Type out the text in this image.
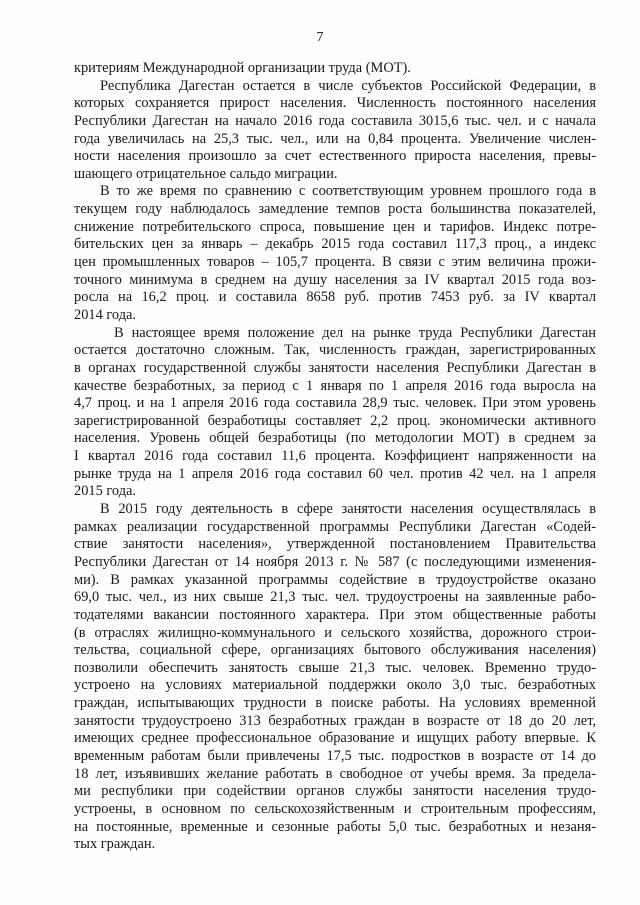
7
критериям Международной организации труда (МОТ).
Республика Дагестан остается в числе субъектов Российской Федерации, в
которых сохраняется прирост населения. Численность постоянного населения
Республики Дагестан на начало 2016 года составила 3015,6 тыс. чел. и с начала
года увеличилась на 25,3 тыс. чел., или на 0,84 процента. Увеличение числен-
ности населения произошло за счет естественного прироста населения, превы-
шающего отрицательное сальдо миграции.
В то же время по сравнению с соответствующим уровнем прошлого года в
текущем году наблюдалось замедление темпов роста большинства показателей,
снижение потребительского спроса, повышение цен и тарифов. Индекс потре-
бительских цен за январь – декабрь 2015 года составил 117,3 проц., а индекс
цен промышленных товаров – 105,7 процента. В связи с этим величина прожи-
точного минимума в среднем на душу населения за IV квартал 2015 года воз-
росла на 16,2 проц. и составила 8658 руб. против 7453 руб. за IV квартал
2014 года.
В настоящее время положение дел на рынке труда Республики Дагестан
остается достаточно сложным. Так, численность граждан, зарегистрированных
в органах государственной службы занятости населения Республики Дагестан в
качестве безработных, за период с 1 января по 1 апреля 2016 года выросла на
4,7 проц. и на 1 апреля 2016 года составила 28,9 тыс. человек. При этом уровень
зарегистрированной безработицы составляет 2,2 проц. экономически активного
населения. Уровень общей безработицы (по методологии МОТ) в среднем за
I квартал 2016 года составил 11,6 процента. Коэффициент напряженности на
рынке труда на 1 апреля 2016 года составил 60 чел. против 42 чел. на 1 апреля
2015 года.
В 2015 году деятельность в сфере занятости населения осуществлялась в
рамках реализации государственной программы Республики Дагестан «Содей-
ствие занятости населения», утвержденной постановлением Правительства
Республики Дагестан от 14 ноября 2013 г. № 587 (с последующими изменения-
ми). В рамках указанной программы содействие в трудоустройстве оказано
69,0 тыс. чел., из них свыше 21,3 тыс. чел. трудоустроены на заявленные рабо-
тодателями вакансии постоянного характера. При этом общественные работы
(в отраслях жилищно-коммунального и сельского хозяйства, дорожного строи-
тельства, социальной сфере, организациях бытового обслуживания населения)
позволили обеспечить занятость свыше 21,3 тыс. человек. Временно трудо-
устроено на условиях материальной поддержки около 3,0 тыс. безработных
граждан, испытывающих трудности в поиске работы. На условиях временной
занятости трудоустроено 313 безработных граждан в возрасте от 18 до 20 лет,
имеющих среднее профессиональное образование и ищущих работу впервые. К
временным работам были привлечены 17,5 тыс. подростков в возрасте от 14 до
18 лет, изъявивших желание работать в свободное от учебы время. За предела-
ми республики при содействии органов службы занятости населения трудо-
устроены, в основном по сельскохозяйственным и строительным профессиям,
на постоянные, временные и сезонные работы 5,0 тыс. безработных и незаня-
тых граждан.
